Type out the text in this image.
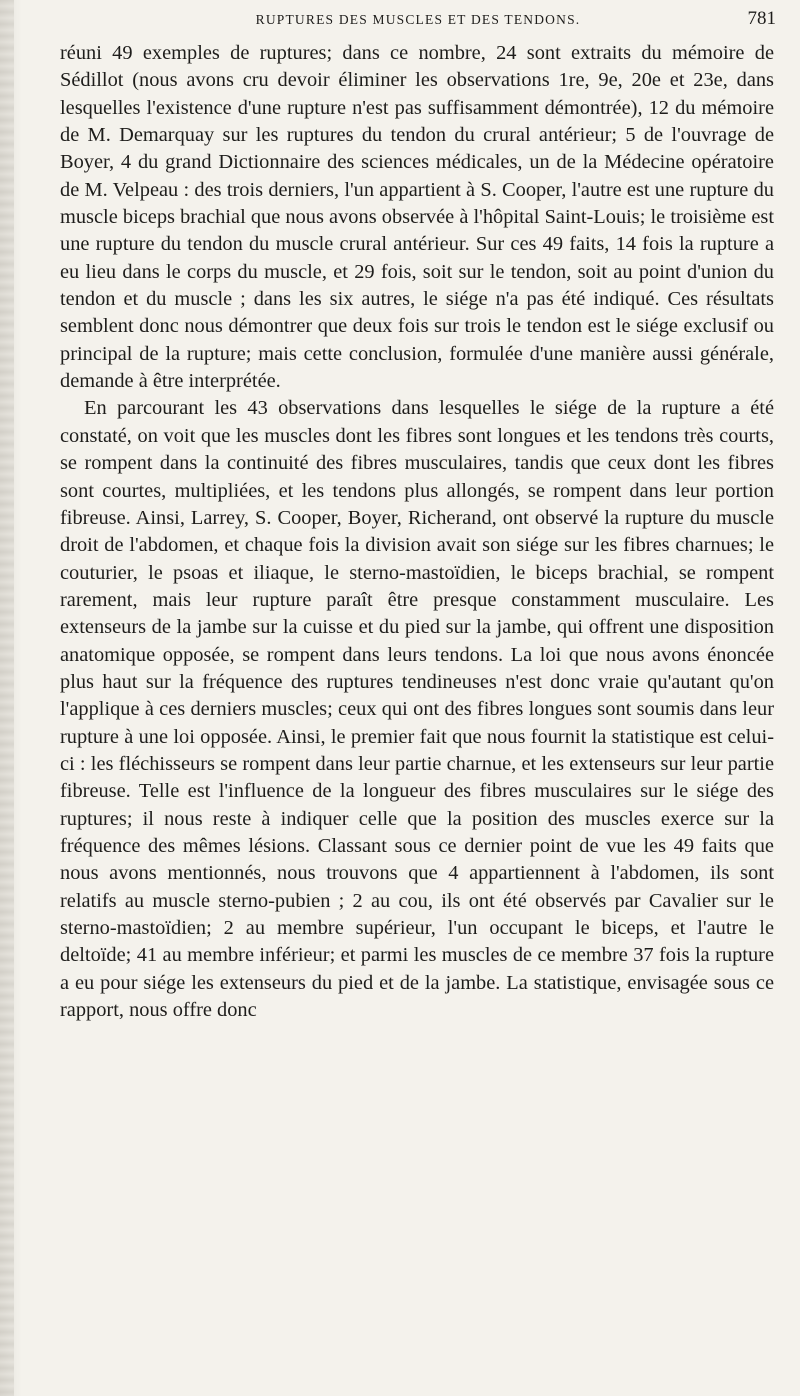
RUPTURES DES MUSCLES ET DES TENDONS.	781

réuni 49 exemples de ruptures; dans ce nombre, 24 sont extraits du mémoire de Sédillot (nous avons cru devoir éliminer les observations 1re, 9e, 20e et 23e, dans lesquelles l'existence d'une rupture n'est pas suffisamment démontrée), 12 du mémoire de M. Demarquay sur les ruptures du tendon du crural antérieur; 5 de l'ouvrage de Boyer, 4 du grand Dictionnaire des sciences médicales, un de la Médecine opératoire de M. Velpeau : des trois derniers, l'un appartient à S. Cooper, l'autre est une rupture du muscle biceps brachial que nous avons observée à l'hôpital Saint-Louis; le troisième est une rupture du tendon du muscle crural antérieur. Sur ces 49 faits, 14 fois la rupture a eu lieu dans le corps du muscle, et 29 fois, soit sur le tendon, soit au point d'union du tendon et du muscle ; dans les six autres, le siége n'a pas été indiqué. Ces résultats semblent donc nous démontrer que deux fois sur trois le tendon est le siége exclusif ou principal de la rupture; mais cette conclusion, formulée d'une manière aussi générale, demande à être interprétée.

En parcourant les 43 observations dans lesquelles le siége de la rupture a été constaté, on voit que les muscles dont les fibres sont longues et les tendons très courts, se rompent dans la continuité des fibres musculaires, tandis que ceux dont les fibres sont courtes, multipliées, et les tendons plus allongés, se rompent dans leur portion fibreuse. Ainsi, Larrey, S. Cooper, Boyer, Richerand, ont observé la rupture du muscle droit de l'abdomen, et chaque fois la division avait son siége sur les fibres charnues; le couturier, le psoas et iliaque, le sterno-mastoïdien, le biceps brachial, se rompent rarement, mais leur rupture paraît être presque constamment musculaire. Les extenseurs de la jambe sur la cuisse et du pied sur la jambe, qui offrent une disposition anatomique opposée, se rompent dans leurs tendons. La loi que nous avons énoncée plus haut sur la fréquence des ruptures tendineuses n'est donc vraie qu'autant qu'on l'applique à ces derniers muscles; ceux qui ont des fibres longues sont soumis dans leur rupture à une loi opposée. Ainsi, le premier fait que nous fournit la statistique est celui-ci : les fléchisseurs se rompent dans leur partie charnue, et les extenseurs sur leur partie fibreuse. Telle est l'influence de la longueur des fibres musculaires sur le siége des ruptures; il nous reste à indiquer celle que la position des muscles exerce sur la fréquence des mêmes lésions. Classant sous ce dernier point de vue les 49 faits que nous avons mentionnés, nous trouvons que 4 appartiennent à l'abdomen, ils sont relatifs au muscle sterno-pubien ; 2 au cou, ils ont été observés par Cavalier sur le sterno-mastoïdien; 2 au membre supérieur, l'un occupant le biceps, et l'autre le deltoïde; 41 au membre inférieur; et parmi les muscles de ce membre 37 fois la rupture a eu pour siége les extenseurs du pied et de la jambe. La statistique, envisagée sous ce rapport, nous offre donc
